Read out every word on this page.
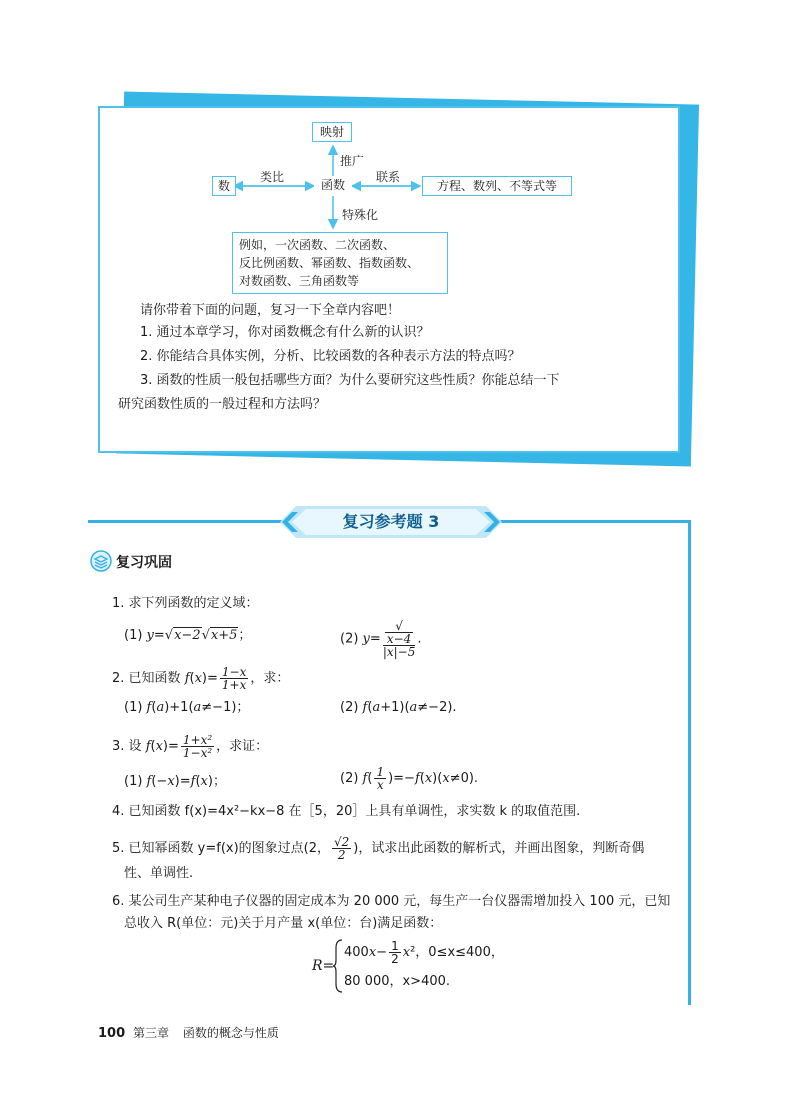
映射
推广
数
类比
函数
联系
方程、数列、不等式等
特殊化
例如，一次函数、二次函数、
反比例函数、幂函数、指数函数、
对数函数、三角函数等
请你带着下面的问题，复习一下全章内容吧！
1. 通过本章学习，你对函数概念有什么新的认识？
2. 你能结合具体实例，分析、比较函数的各种表示方法的特点吗？
3. 函数的性质一般包括哪些方面？为什么要研究这些性质？你能总结一下
研究函数性质的一般过程和方法吗？
复习参考题 3
复习巩固
1. 求下列函数的定义域：
(1) y=√x−2√x+5；	(2) y= √
x−4
|x|−5 .
2. 已知函数 $f(x)= \frac{1-x}{1+x}$ ，求：
(1) f(a)+1(a≠−1)；	(2) f(a+1)(a≠−2).
3. 设 $f(x)= \frac{\text{1+x²}}{\text{1−x²}}$ ，求证：
(1) f(−x)=f(x)；	(2) $f( \frac{1}{x} )=-f(x)(x\ne 0)$.
4. 已知函数 f(x)=4x²−kx−8 在［5，20］上具有单调性，求实数 k 的取值范围.
5. 已知幂函数 y=f(x)的图象过点(2， $\frac{√2}{2}$ )，试求出此函数的解析式，并画出图象，判断奇偶
性、单调性.
6. 某公司生产某种电子仪器的固定成本为 20 000 元，每生产一台仪器需增加投入 100 元，已知
总收入 R(单位：元)关于月产量 x(单位：台)满足函数：
R=
$400x- \frac{1}{2} x^2$，0≤x≤400，
80 000，x>400.
100 第三章 函数的概念与性质
